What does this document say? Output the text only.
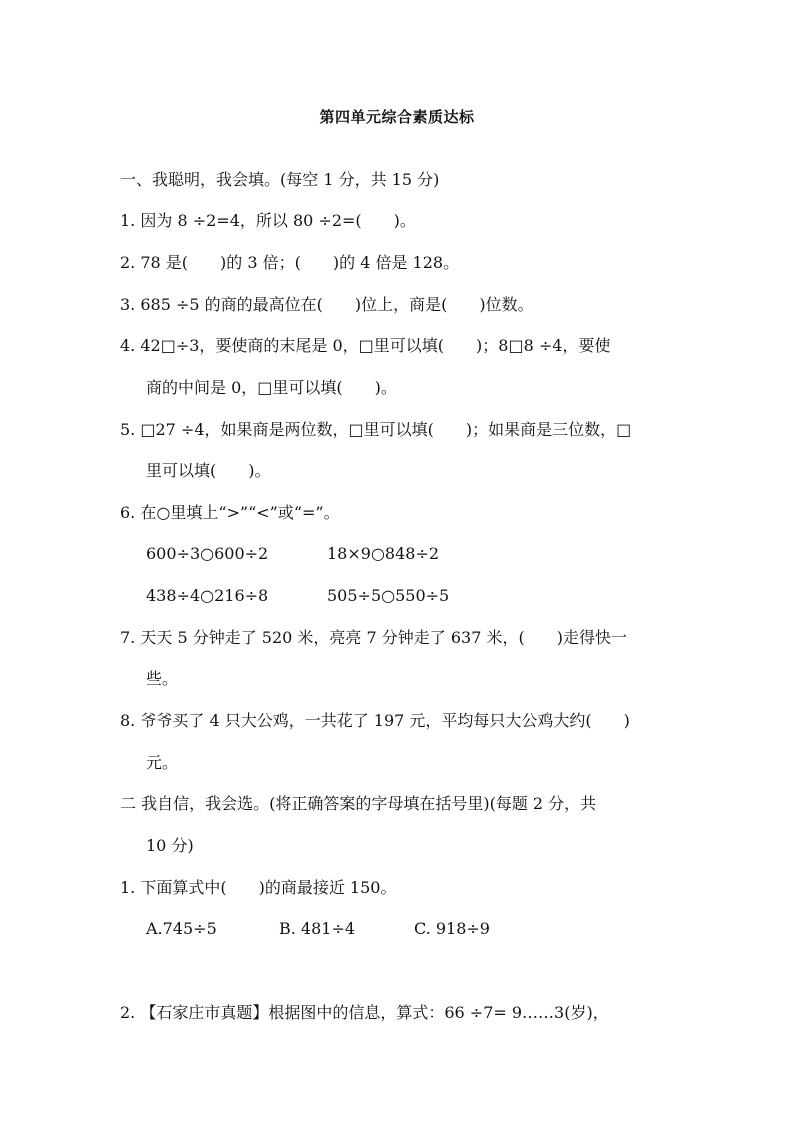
第四单元综合素质达标
一、我聪明，我会填。(每空 1 分，共 15 分)
1. 因为 8 ÷2=4，所以 80 ÷2=(　　)。
2. 78 是(　　)的 3 倍；(　　)的 4 倍是 128。
3. 685 ÷5 的商的最高位在(　　)位上，商是(　　)位数。
4. 42□÷3，要使商的末尾是 0，□里可以填(　　)；8□8 ÷4，要使
商的中间是 0，□里可以填(　　)。
5. □27 ÷4，如果商是两位数，□里可以填(　　)；如果商是三位数，□
里可以填(　　)。
6. 在○里填上“>”“<”或“=”。
600÷3○600÷2	18×9○848÷2
438÷4○216÷8	505÷5○550÷5
7. 天天 5 分钟走了 520 米，亮亮 7 分钟走了 637 米，(　　)走得快一
些。
8. 爷爷买了 4 只大公鸡，一共花了 197 元，平均每只大公鸡大约(　　)
元。
二 我自信，我会选。(将正确答案的字母填在括号里)(每题 2 分，共
10 分)
1. 下面算式中(　　)的商最接近 150。
A.745÷5	B. 481÷4	C. 918÷9
2. 【石家庄市真题】根据图中的信息，算式：66 ÷7= 9……3(岁)，
